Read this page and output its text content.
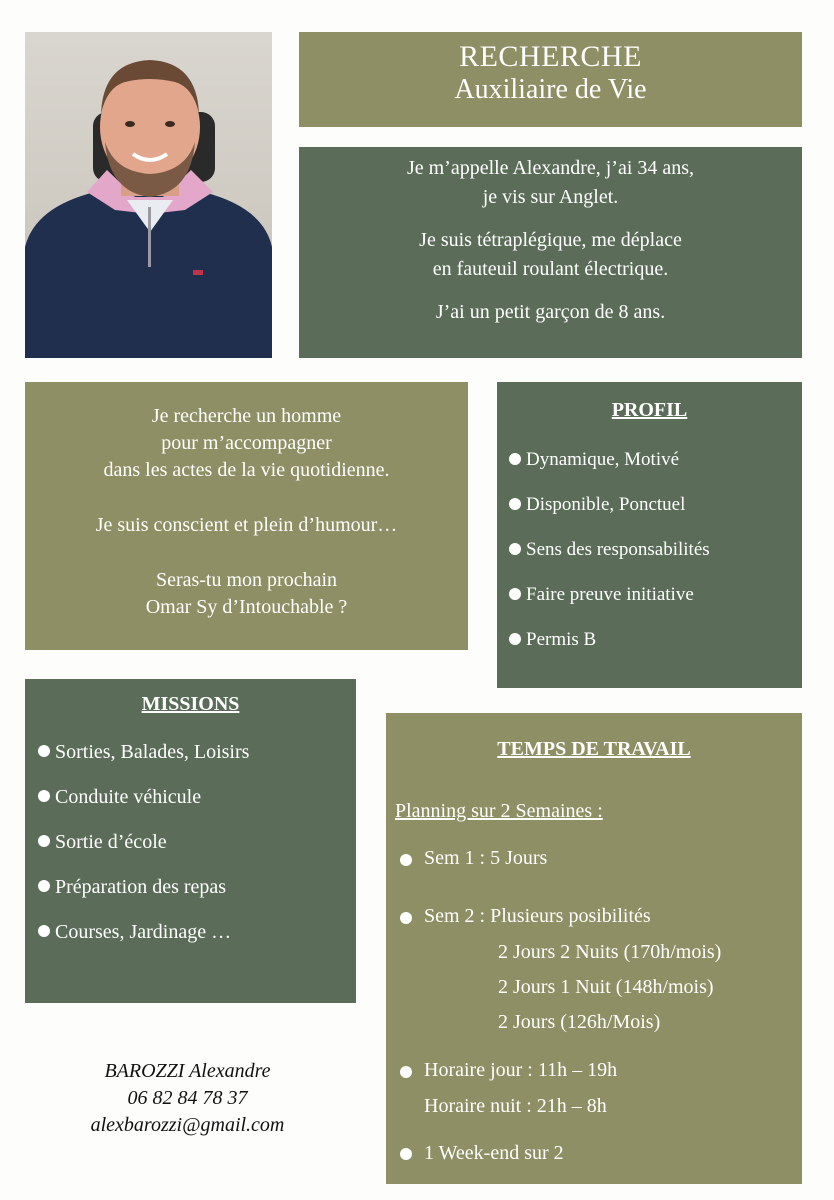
RECHERCHE
Auxiliaire de Vie

Je m’appelle Alexandre, j’ai 34 ans,
je vis sur Anglet.

Je suis tétraplégique, me déplace
en fauteuil roulant électrique.

J’ai un petit garçon de 8 ans.

Je recherche un homme
pour m’accompagner
dans les actes de la vie quotidienne.

Je suis conscient et plein d’humour…

Seras-tu mon prochain
Omar Sy d’Intouchable ?

PROFIL
Dynamique, Motivé
Disponible, Ponctuel
Sens des responsabilités
Faire preuve initiative
Permis B
MISSIONS
Sorties, Balades, Loisirs
Conduite véhicule
Sortie d’école
Préparation des repas
Courses, Jardinage …
TEMPS DE TRAVAIL
Planning sur 2 Semaines :
Sem 1 : 5 Jours
Sem 2 : Plusieurs posibilités
2 Jours 2 Nuits (170h/mois)
2 Jours 1 Nuit (148h/mois)
2 Jours (126h/Mois)
Horaire jour : 11h – 19h
Horaire nuit : 21h – 8h
1 Week-end sur 2
BAROZZI Alexandre
06 82 84 78 37
alexbarozzi@gmail.com
